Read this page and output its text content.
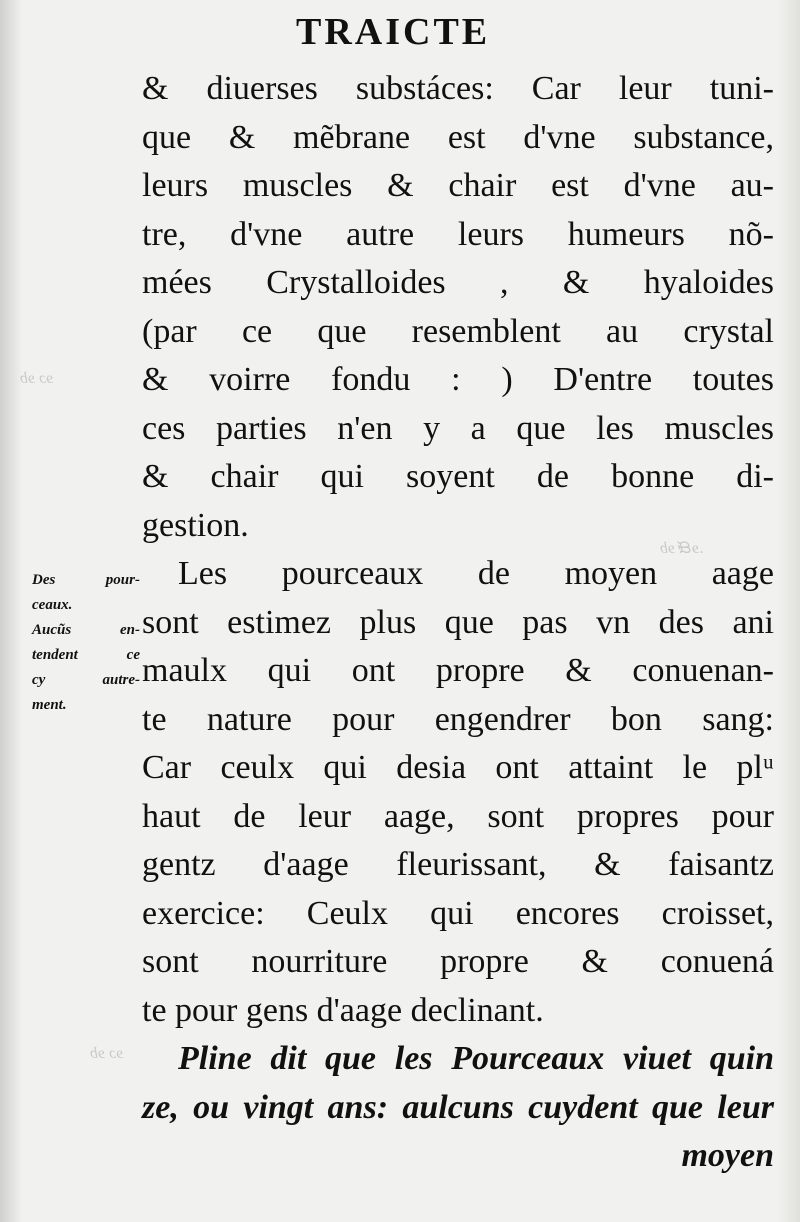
ɘɔ ɘb
.ɘᙠ ɘb
ɘɔ ɘb
TRAICTE
Des pour-
ceaux.
Aucũs en-
tendent ce
cy autre-
ment.
& diuerses substáces: Car leur tuni-
que & mẽbrane est d'vne substance,
leurs muscles & chair est d'vne au-
tre, d'vne autre leurs humeurs nõ-
mées Crystalloides , & hyaloides
(par ce que resemblent au crystal
& voirre fondu : ) D'entre toutes
ces parties n'en y a que les muscles
& chair qui soyent de bonne di-
gestion.
Les pourceaux de moyen aage
sont estimez plus que pas vn des ani
maulx qui ont propre & conuenan-
te nature pour engendrer bon sang:
Car ceulx qui desia ont attaint le plᵘ
haut de leur aage, sont propres pour
gentz d'aage fleurissant, & faisantz
exercice: Ceulx qui encores croisset,
sont nourriture propre & conuená
te pour gens d'aage declinant.
Pline dit que les Pourceaux viuet quin
ze, ou vingt ans: aulcuns cuydent que leur
moyen
